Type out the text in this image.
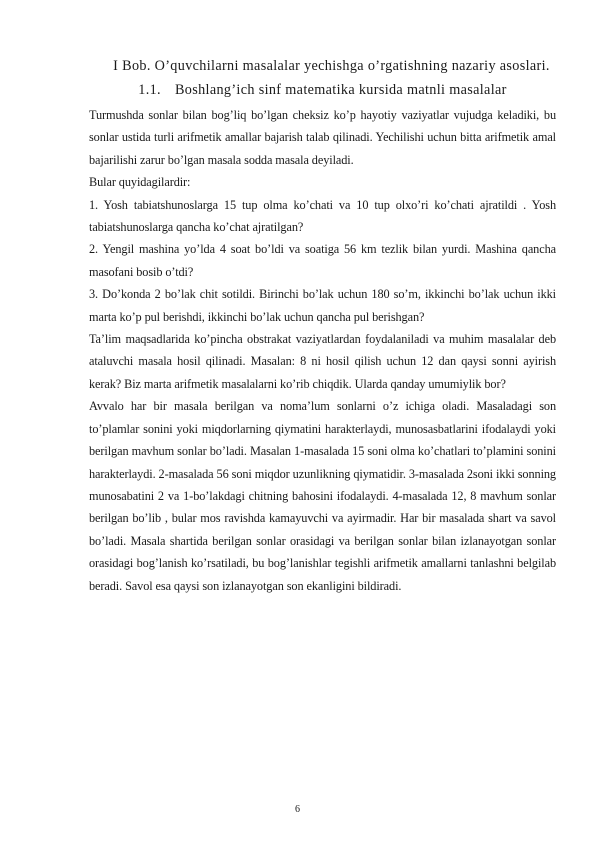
I Bob. O’quvchilarni masalalar yechishga o’rgatishning nazariy asoslari.
1.1. Boshlang’ich sinf matematika kursida matnli masalalar

Turmushda sonlar bilan bog’liq bo’lgan cheksiz ko’p hayotiy vaziyatlar vujudga keladiki, bu sonlar ustida turli arifmetik amallar bajarish talab qilinadi. Yechilishi uchun bitta arifmetik amal bajarilishi zarur bo’lgan masala sodda masala deyiladi.

Bular quyidagilardir:

1. Yosh tabiatshunoslarga 15 tup olma ko’chati va 10 tup olxo’ri ko’chati ajratildi . Yosh tabiatshunoslarga qancha ko’chat ajratilgan?

2. Yengil mashina yo’lda 4 soat bo’ldi va soatiga 56 km tezlik bilan yurdi. Mashina qancha masofani bosib o’tdi?

3. Do’konda 2 bo’lak chit sotildi. Birinchi bo’lak uchun 180 so’m, ikkinchi bo’lak uchun ikki marta ko’p pul berishdi, ikkinchi bo’lak uchun qancha pul berishgan?

Ta’lim maqsadlarida ko’pincha obstrakat vaziyatlardan foydalaniladi va muhim masalalar deb ataluvchi masala hosil qilinadi. Masalan: 8 ni hosil qilish uchun 12 dan qaysi sonni ayirish kerak? Biz marta arifmetik masalalarni ko’rib chiqdik. Ularda qanday umumiylik bor?

Avvalo har bir masala berilgan va noma’lum sonlarni o’z ichiga oladi. Masaladagi son to’plamlar sonini yoki miqdorlarning qiymatini harakterlaydi, munosasbatlarini ifodalaydi yoki berilgan mavhum sonlar bo’ladi. Masalan 1-masalada 15 soni olma ko’chatlari to’plamini sonini harakterlaydi. 2-masalada 56 soni miqdor uzunlikning qiymatidir. 3-masalada 2soni ikki sonning munosabatini 2 va 1-bo’lakdagi chitning bahosini ifodalaydi. 4-masalada 12, 8 mavhum sonlar berilgan bo’lib , bular mos ravishda kamayuvchi va ayirmadir. Har bir masalada shart va savol bo’ladi. Masala shartida berilgan sonlar orasidagi va berilgan sonlar bilan izlanayotgan sonlar orasidagi bog’lanish ko’rsatiladi, bu bog’lanishlar tegishli arifmetik amallarni tanlashni belgilab beradi. Savol esa qaysi son izlanayotgan son ekanligini bildiradi.

6
